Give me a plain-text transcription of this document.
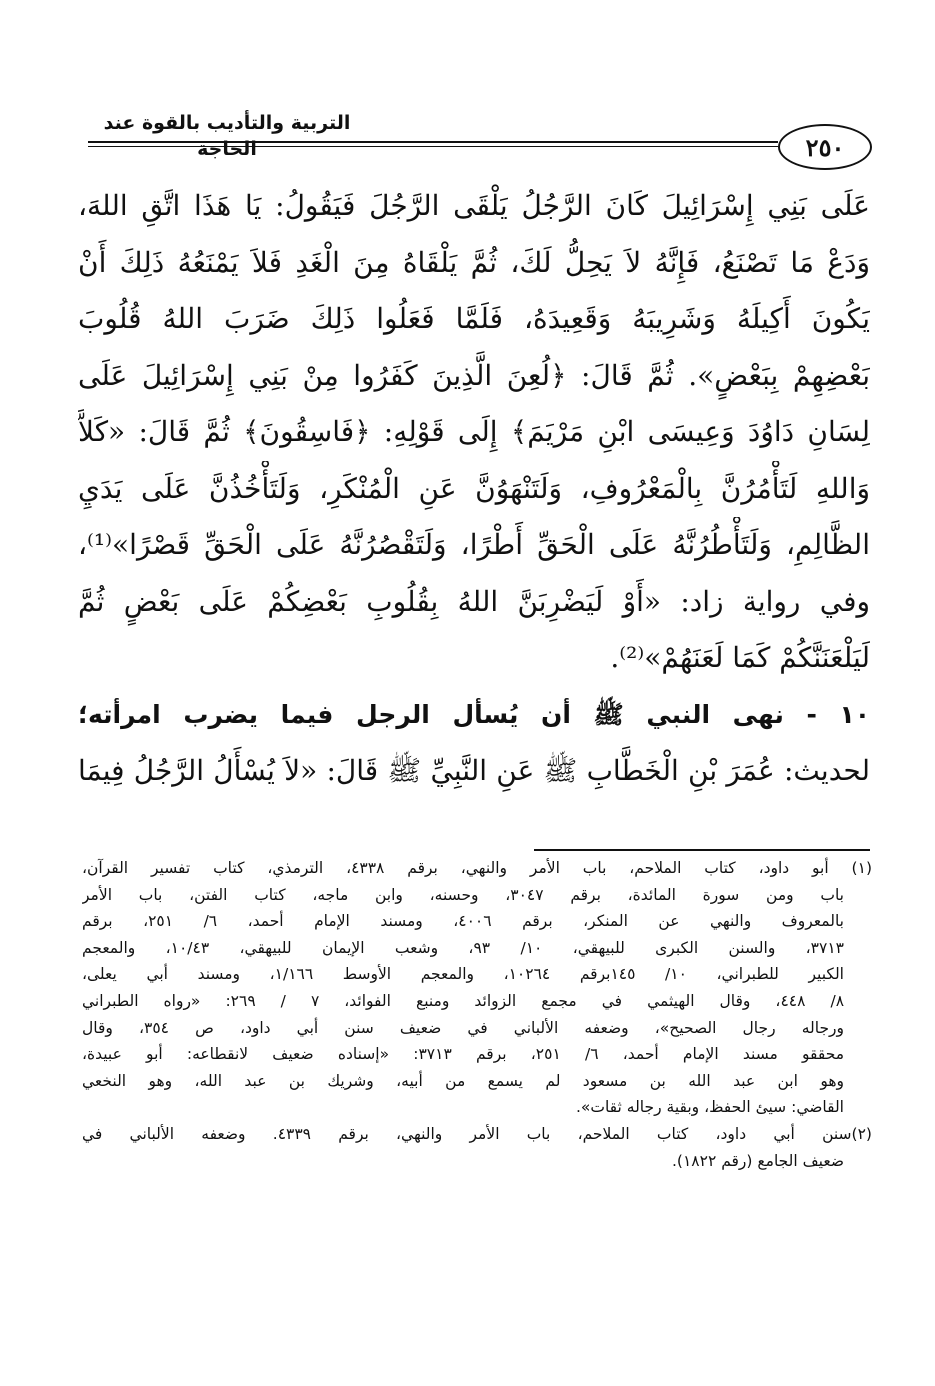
التربية والتأديب بالقوة عند الحاجة	٢٥٠
عَلَى بَنِي إِسْرَائِيلَ كَانَ الرَّجُلُ يَلْقَى الرَّجُلَ فَيَقُولُ: يَا هَذَا اتَّقِ اللهَ،
وَدَعْ مَا تَصْنَعُ، فَإِنَّهُ لاَ يَحِلُّ لَكَ، ثُمَّ يَلْقَاهُ مِنَ الْغَدِ فَلاَ يَمْنَعُهُ ذَلِكَ أَنْ
يَكُونَ أَكِيلَهُ وَشَرِيبَهُ وَقَعِيدَهُ، فَلَمَّا فَعَلُوا ذَلِكَ ضَرَبَ اللهُ قُلُوبَ
بَعْضِهِمْ بِبَعْضٍ». ثُمَّ قَالَ: ﴿لُعِنَ الَّذِينَ كَفَرُوا مِنْ بَنِي إِسْرَائِيلَ عَلَى
لِسَانِ دَاوُدَ وَعِيسَى ابْنِ مَرْيَمَ﴾ إِلَى قَوْلِهِ: ﴿فَاسِقُونَ﴾ ثُمَّ قَالَ: «كَلاَّ
وَاللهِ لَتَأْمُرُنَّ بِالْمَعْرُوفِ، وَلَتَنْهَوُنَّ عَنِ الْمُنْكَرِ، وَلَتَأْخُذُنَّ عَلَى يَدَيِ
الظَّالِمِ، وَلَتَأْطُرُنَّهُ عَلَى الْحَقِّ أَطْرًا، وَلَتَقْصُرُنَّهُ عَلَى الْحَقِّ قَصْرًا»⁽¹⁾،
وفي رواية زاد: «أَوْ لَيَضْرِبَنَّ اللهُ بِقُلُوبِ بَعْضِكُمْ عَلَى بَعْضٍ ثُمَّ
لَيَلْعَنَنَّكُمْ كَمَا لَعَنَهُمْ»⁽²⁾.
١٠ - نهى النبي ﷺ أن يُسأل الرجل فيما يضرب امرأته؛
لحديث: عُمَرَ بْنِ الْخَطَّابِ ﷺ عَنِ النَّبِيِّ ﷺ قَالَ: «لاَ يُسْأَلُ الرَّجُلُ فِيمَا
(١) أبو داود، كتاب الملاحم، باب الأمر والنهي، برقم ٤٣٣٨، الترمذي، كتاب تفسير القرآن،
باب ومن سورة المائدة، برقم ٣٠٤٧، وحسنه، وابن ماجه، كتاب الفتن، باب الأمر
بالمعروف والنهي عن المنكر، برقم ٤٠٠٦، ومسند الإمام أحمد، ٦/ ٢٥١، برقم
٣٧١٣، والسنن الكبرى للبيهقي، ١٠/ ٩٣، وشعب الإيمان للبيهقي، ١٠/٤٣، والمعجم
الكبير للطبراني، ١٠/ ١٤٥برقم ١٠٢٦٤، والمعجم الأوسط ١/١٦٦، ومسند أبي يعلى،
٨/ ٤٤٨، وقال الهيثمي في مجمع الزوائد ومنبع الفوائد، ٧ / ٢٦٩: «رواه الطبراني
ورجاله رجال الصحيح»، وضعفه الألباني في ضعيف سنن أبي داود، ص ٣٥٤، وقال
محققو مسند الإمام أحمد، ٦/ ٢٥١، برقم ٣٧١٣: «إسناده ضعيف لانقطاعه: أبو عبيدة،
وهو ابن عبد الله بن مسعود لم يسمع من أبيه، وشريك بن عبد الله، وهو النخعي
القاضي: سيئ الحفظ، وبقية رجاله ثقات».
(٢)سنن أبي داود، كتاب الملاحم، باب الأمر والنهي، برقم ٤٣٣٩. وضعفه الألباني في
ضعيف الجامع (رقم ١٨٢٢).
